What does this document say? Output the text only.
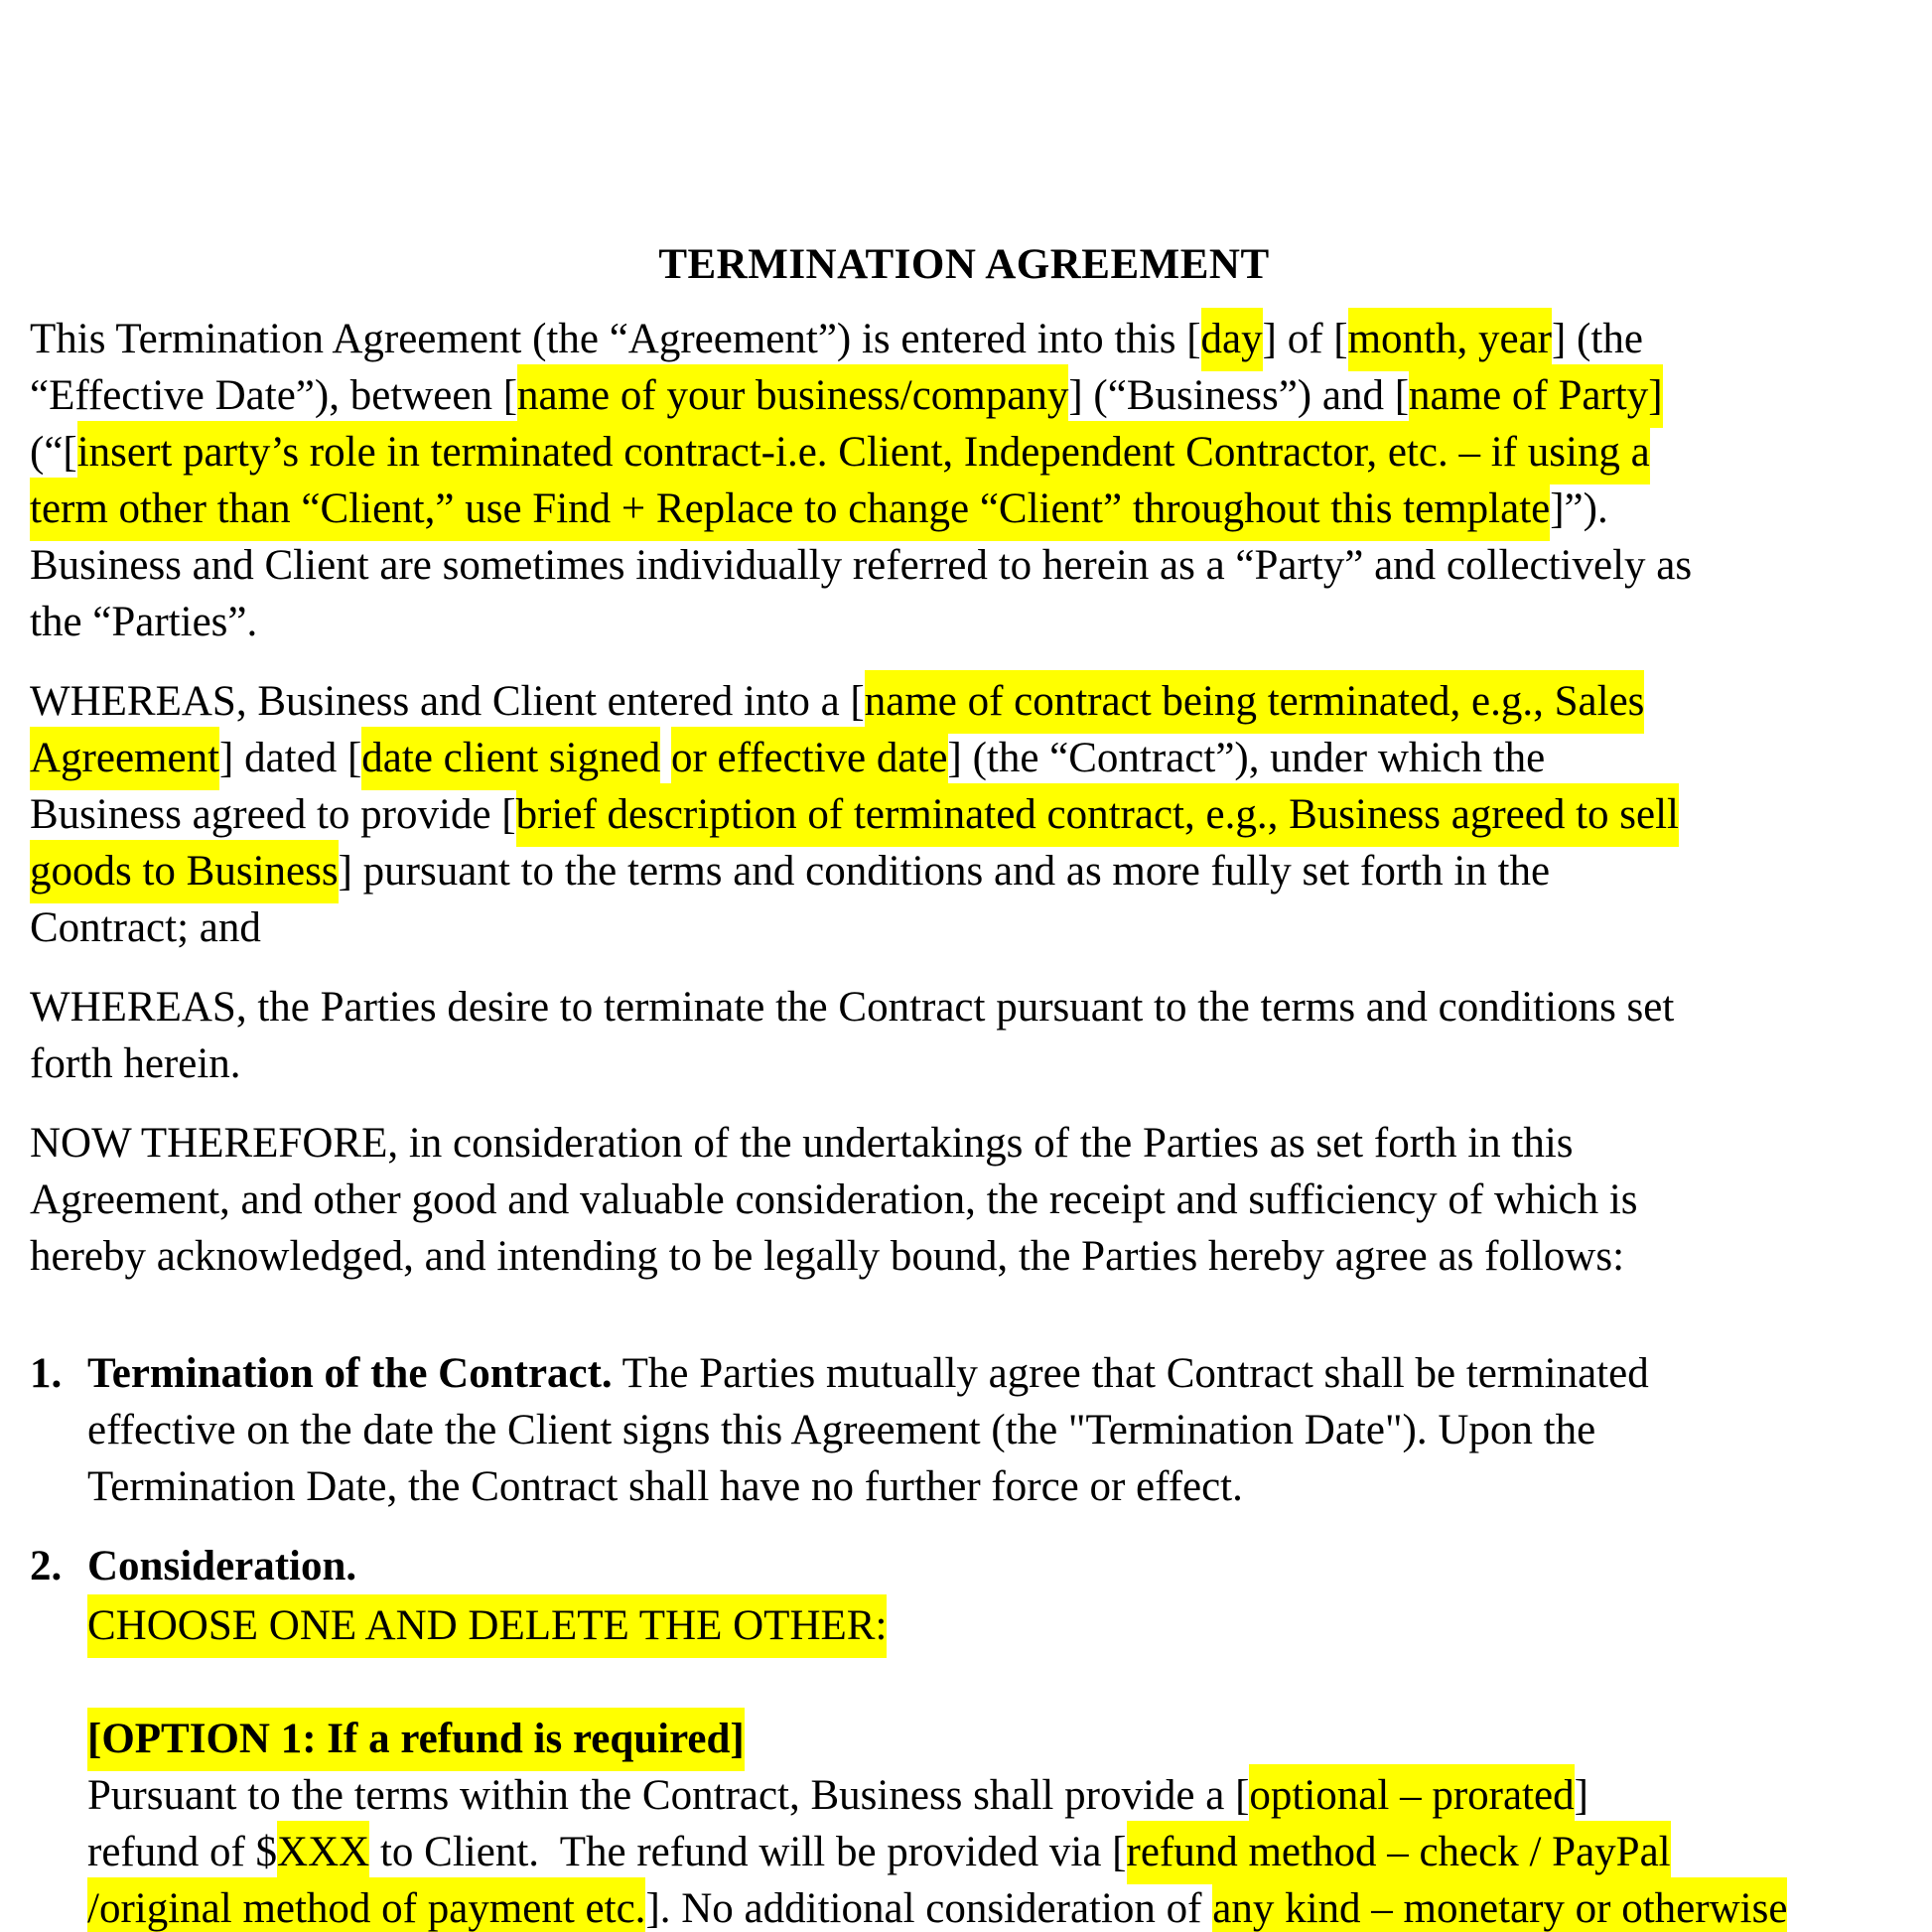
TERMINATION AGREEMENT
This Termination Agreement (the “Agreement”) is entered into this [day] of [month, year] (the
“Effective Date”), between [name of your business/company] (“Business”) and [name of Party]
(“[insert party’s role in terminated contract-i.e. Client, Independent Contractor, etc. – if using a
term other than “Client,” use Find + Replace to change “Client” throughout this template]”).
Business and Client are sometimes individually referred to herein as a “Party” and collectively as
the “Parties”.
WHEREAS, Business and Client entered into a [name of contract being terminated, e.g., Sales
Agreement] dated [date client signed or effective date] (the “Contract”), under which the
Business agreed to provide [brief description of terminated contract, e.g., Business agreed to sell
goods to Business] pursuant to the terms and conditions and as more fully set forth in the
Contract; and
WHEREAS, the Parties desire to terminate the Contract pursuant to the terms and conditions set
forth herein.
NOW THEREFORE, in consideration of the undertakings of the Parties as set forth in this
Agreement, and other good and valuable consideration, the receipt and sufficiency of which is
hereby acknowledged, and intending to be legally bound, the Parties hereby agree as follows:
1. Termination of the Contract. The Parties mutually agree that Contract shall be terminated
effective on the date the Client signs this Agreement (the "Termination Date"). Upon the
Termination Date, the Contract shall have no further force or effect.
2. Consideration.
CHOOSE ONE AND DELETE THE OTHER:
[OPTION 1: If a refund is required]
Pursuant to the terms within the Contract, Business shall provide a [optional – prorated]
refund of $XXX to Client.  The refund will be provided via [refund method – check / PayPal
/original method of payment etc.]. No additional consideration of any kind – monetary or otherwise
